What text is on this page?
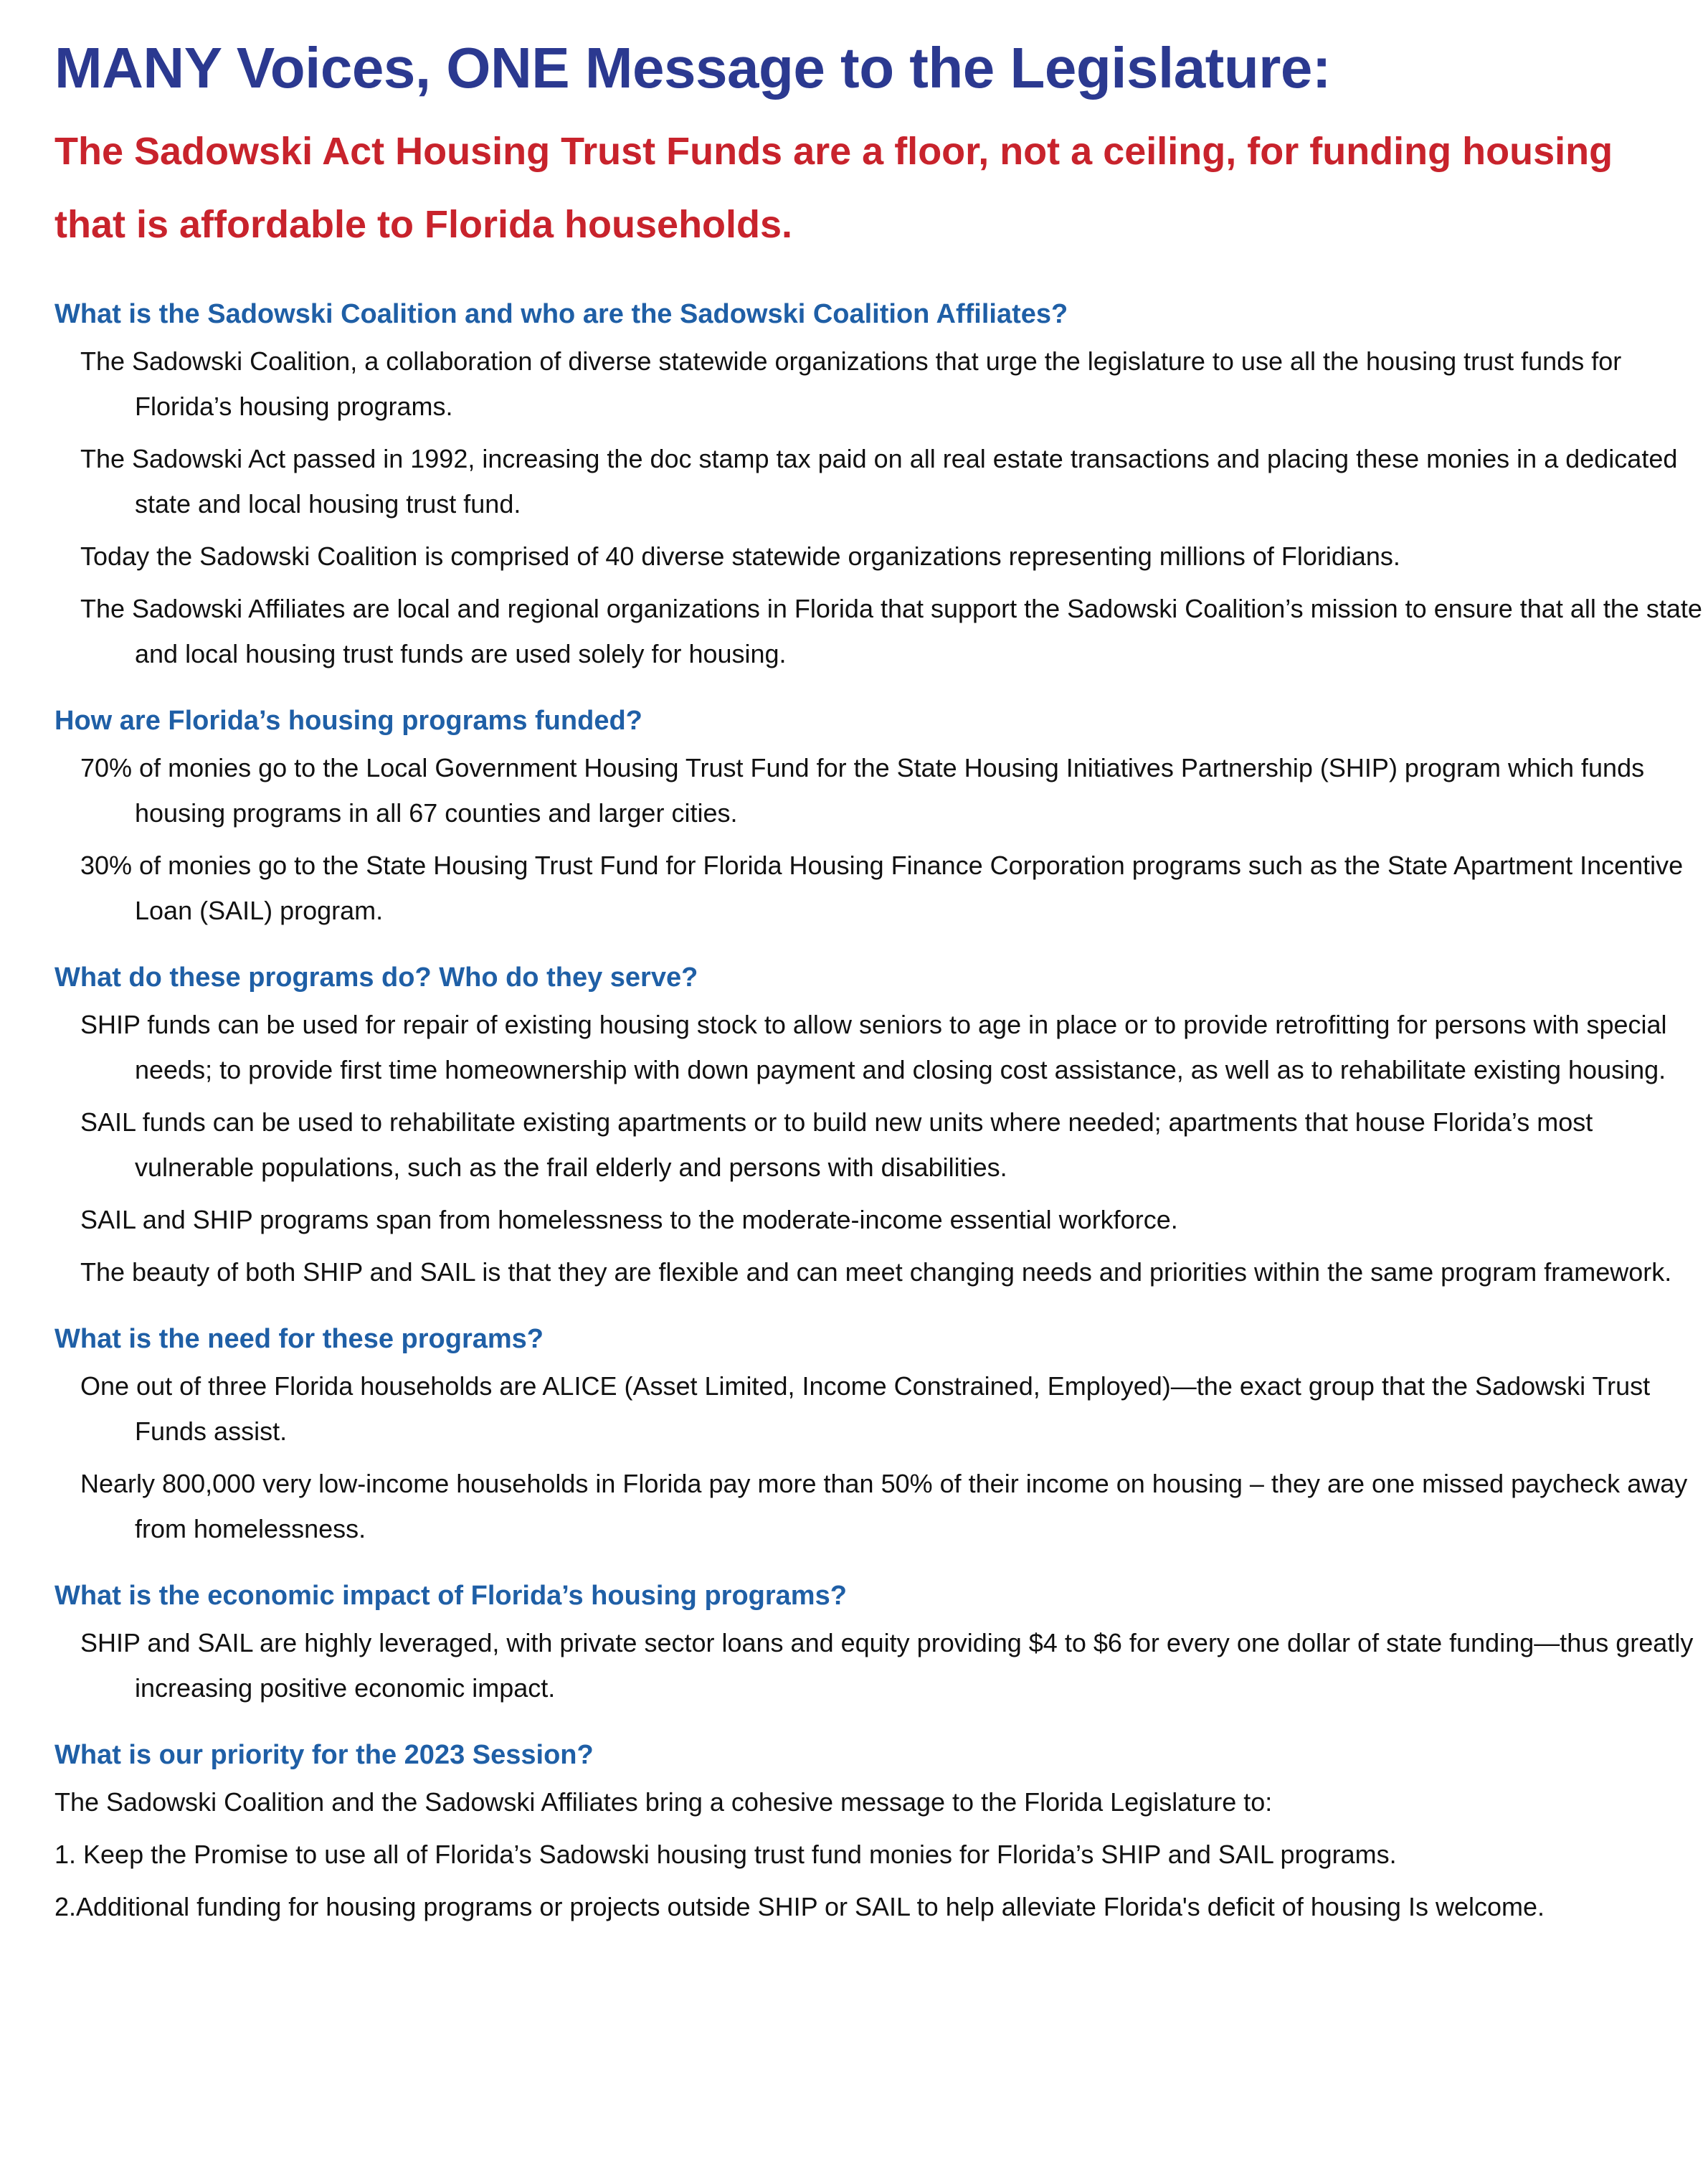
MANY Voices, ONE Message to the Legislature:
The Sadowski Act Housing Trust Funds are a floor, not a ceiling, for funding housing that is affordable to Florida households.
What is the Sadowski Coalition and who are the Sadowski Coalition Affiliates?

The Sadowski Coalition, a collaboration of diverse statewide organizations that urge the legislature to use all the housing trust funds for Florida’s housing programs.

The Sadowski Act passed in 1992, increasing the doc stamp tax paid on all real estate transactions and placing these monies in a dedicated state and local housing trust fund.

Today the Sadowski Coalition is comprised of 40 diverse statewide organizations representing millions of Floridians.

The Sadowski Affiliates are local and regional organizations in Florida that support the Sadowski Coalition’s mission to ensure that all the state and local housing trust funds are used solely for housing.

How are Florida’s housing programs funded?

70% of monies go to the Local Government Housing Trust Fund for the State Housing Initiatives Partnership (SHIP) program which funds housing programs in all 67 counties and larger cities.

30% of monies go to the State Housing Trust Fund for Florida Housing Finance Corporation programs such as the State Apartment Incentive Loan (SAIL) program.

What do these programs do? Who do they serve?

SHIP funds can be used for repair of existing housing stock to allow seniors to age in place or to provide retrofitting for persons with special needs; to provide first time homeownership with down payment and closing cost assistance, as well as to rehabilitate existing housing.

SAIL funds can be used to rehabilitate existing apartments or to build new units where needed; apartments that house Florida’s most vulnerable populations, such as the frail elderly and persons with disabilities.

SAIL and SHIP programs span from homelessness to the moderate-income essential workforce.

The beauty of both SHIP and SAIL is that they are flexible and can meet changing needs and priorities within the same program framework.

What is the need for these programs?

One out of three Florida households are ALICE (Asset Limited, Income Constrained, Employed)—the exact group that the Sadowski Trust Funds assist.

Nearly 800,000 very low-income households in Florida pay more than 50% of their income on housing – they are one missed paycheck away from homelessness.

What is the economic impact of Florida’s housing programs?

SHIP and SAIL are highly leveraged, with private sector loans and equity providing $4 to $6 for every one dollar of state funding—thus greatly increasing positive economic impact.

What is our priority for the 2023 Session?

The Sadowski Coalition and the Sadowski Affiliates bring a cohesive message to the Florida Legislature to:

1. Keep the Promise to use all of Florida’s Sadowski housing trust fund monies for Florida’s SHIP and SAIL programs.

2.Additional funding for housing programs or projects outside SHIP or SAIL to help alleviate Florida's deficit of housing Is welcome.
